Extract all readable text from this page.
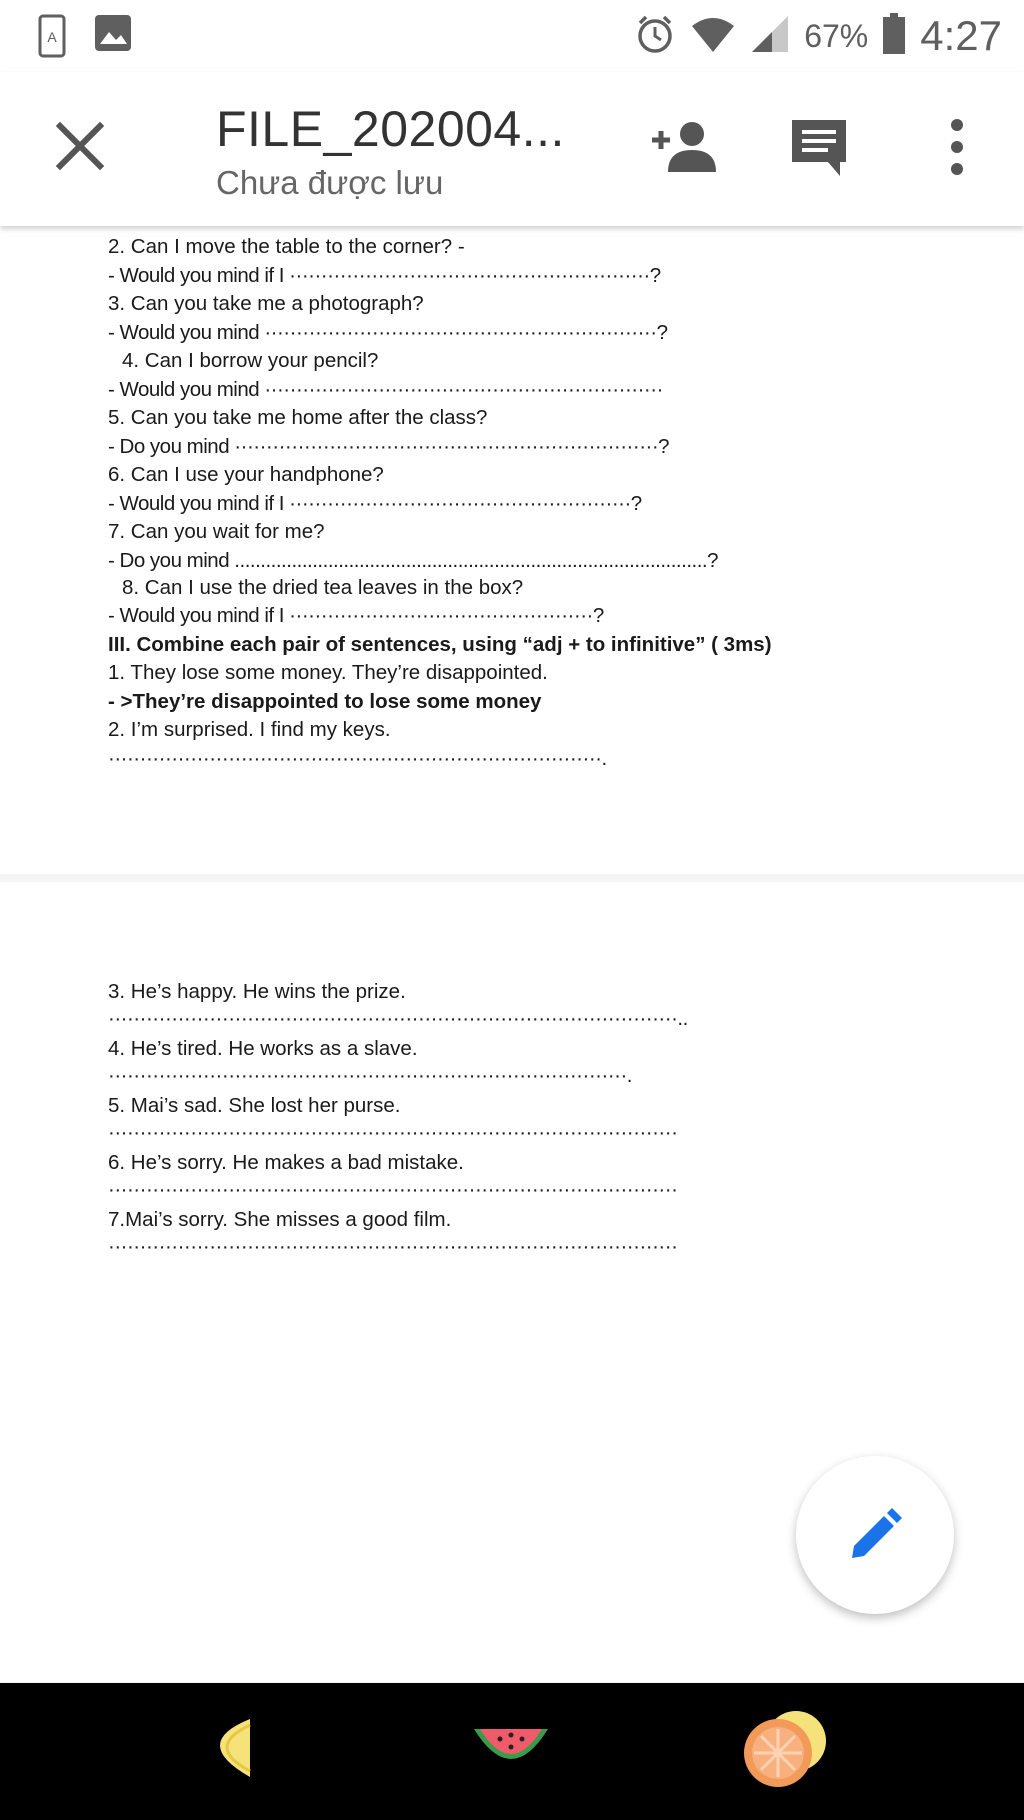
A	67% 4:27
FILE_202004...
Chưa được lưu
2. Can I move the table to the corner? -
- Would you mind if I ·························································?
3. Can you take me a photograph?
- Would you mind ······························································?
4. Can I borrow your pencil?
- Would you mind ·······························································
5. Can you take me home after the class?
- Do you mind ···································································?
6. Can I use your handphone?
- Would you mind if I ······················································?
7. Can you wait for me?
- Do you mind ...........................................................................................?
8. Can I use the dried tea leaves in the box?
- Would you mind if I ················································?
III. Combine each pair of sentences, using “adj + to infinitive” ( 3ms)
1. They lose some money. They’re disappointed.
- >They’re disappointed to lose some money
2. I’m surprised. I find my keys.
··············································································.
3. He’s happy. He wins the prize.
··························································································..
4. He’s tired. He works as a slave.
··················································································.
5. Mai’s sad. She lost her purse.
··························································································
6. He’s sorry. He makes a bad mistake.
··························································································
7.Mai’s sorry. She misses a good film.
··························································································
